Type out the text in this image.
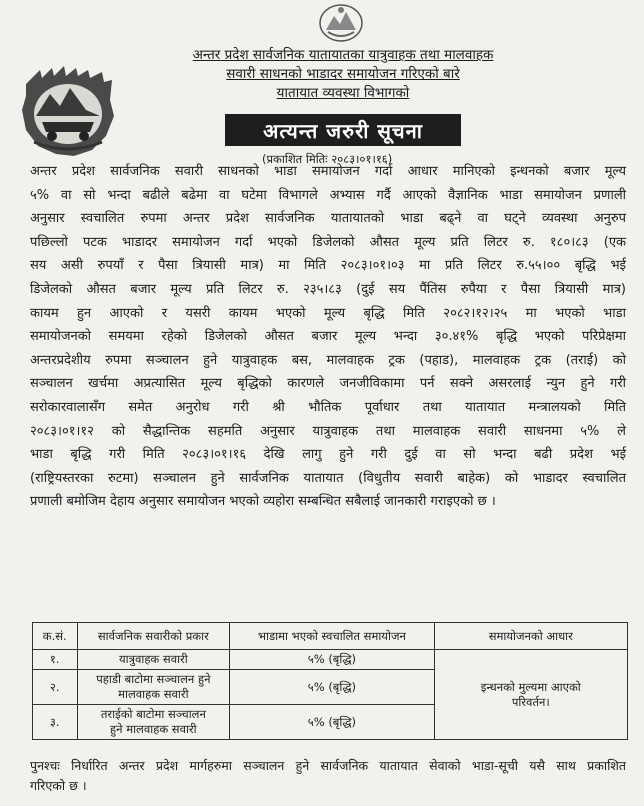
अन्तर प्रदेश सार्वजनिक यातायातका यात्रुवाहक तथा मालवाहक
सवारी साधनको भाडादर समायोजन गरिएको बारे
यातायात व्यवस्था विभागको
अत्यन्त जरुरी सूचना
(प्रकाशित मितिः २०८३।०१।१६)
अन्तर प्रदेश सार्वजनिक सवारी साधनको भाडा समायोजन गर्दा आधार मानिएको इन्धनको बजार मूल्य
५% वा सो भन्दा बढीले बढेमा वा घटेमा विभागले अभ्यास गर्दै आएको वैज्ञानिक भाडा समायोजन प्रणाली
अनुसार स्वचालित रुपमा अन्तर प्रदेश सार्वजनिक यातायातको भाडा बढ्ने वा घट्ने व्यवस्था अनुरुप
पछिल्लो पटक भाडादर समायोजन गर्दा भएको डिजेलको औसत मूल्य प्रति लिटर रु. १८०।८३ (एक
सय असी रुपयाँ र पैसा त्रियासी मात्र) मा मिति २०८३।०१।०३ मा प्रति लिटर रु.५५।०० बृद्धि भई
डिजेलको औसत बजार मूल्य प्रति लिटर रु. २३५।८३ (दुई सय पैंतिस रुपैया र पैसा त्रियासी मात्र)
कायम हुन आएको र यसरी कायम भएको मूल्य बृद्धि मिति २०८२।१२।२५ मा भएको भाडा
समायोजनको समयमा रहेको डिजेलको औसत बजार मूल्य भन्दा ३०.४१% बृद्धि भएको परिप्रेक्षमा
अन्तरप्रदेशीय रुपमा सञ्चालन हुने यात्रुवाहक बस, मालवाहक ट्रक (पहाड), मालवाहक ट्रक (तराई) को
सञ्चालन खर्चमा अप्रत्यासित मूल्य बृद्धिको कारणले जनजीविकामा पर्न सक्ने असरलाई न्युन हुने गरी
सरोकारवालासँग समेत अनुरोध गरी श्री भौतिक पूर्वाधार तथा यातायात मन्त्रालयको मिति
२०८३।०१।१२ को सैद्धान्तिक सहमति अनुसार यात्रुवाहक तथा मालवाहक सवारी साधनमा ५% ले
भाडा बृद्धि गरी मिति २०८३।०१।१६ देखि लागु हुने गरी दुई वा सो भन्दा बढी प्रदेश भई
(राष्ट्रियस्तरका रुटमा) सञ्चालन हुने सार्वजनिक यातायात (विधुतीय सवारी बाहेक) को भाडादर स्वचालित
प्रणाली बमोजिम देहाय अनुसार समायोजन भएको व्यहोरा सम्बन्धित सबैलाई जानकारी गराइएको छ ।
क.सं.	सार्वजनिक सवारीको प्रकार	भाडामा भएको स्वचालित समायोजन	समायोजनको आधार
१.	यात्रुवाहक सवारी	५% (बृद्धि)	इन्धनको मुल्यमा आएको
परिवर्तन।

२.	पहाडी बाटोमा सञ्चालन हुने
मालवाहक सवारी	५% (बृद्धि)	
३.	तराईको बाटोमा सञ्चालन
हुने मालवाहक सवारी	५% (बृद्धि)	
पुनश्चः निर्धारित अन्तर प्रदेश मार्गहरुमा सञ्चालन हुने सार्वजनिक यातायात सेवाको भाडा-सूची यसै साथ प्रकाशित
गरिएको छ ।
